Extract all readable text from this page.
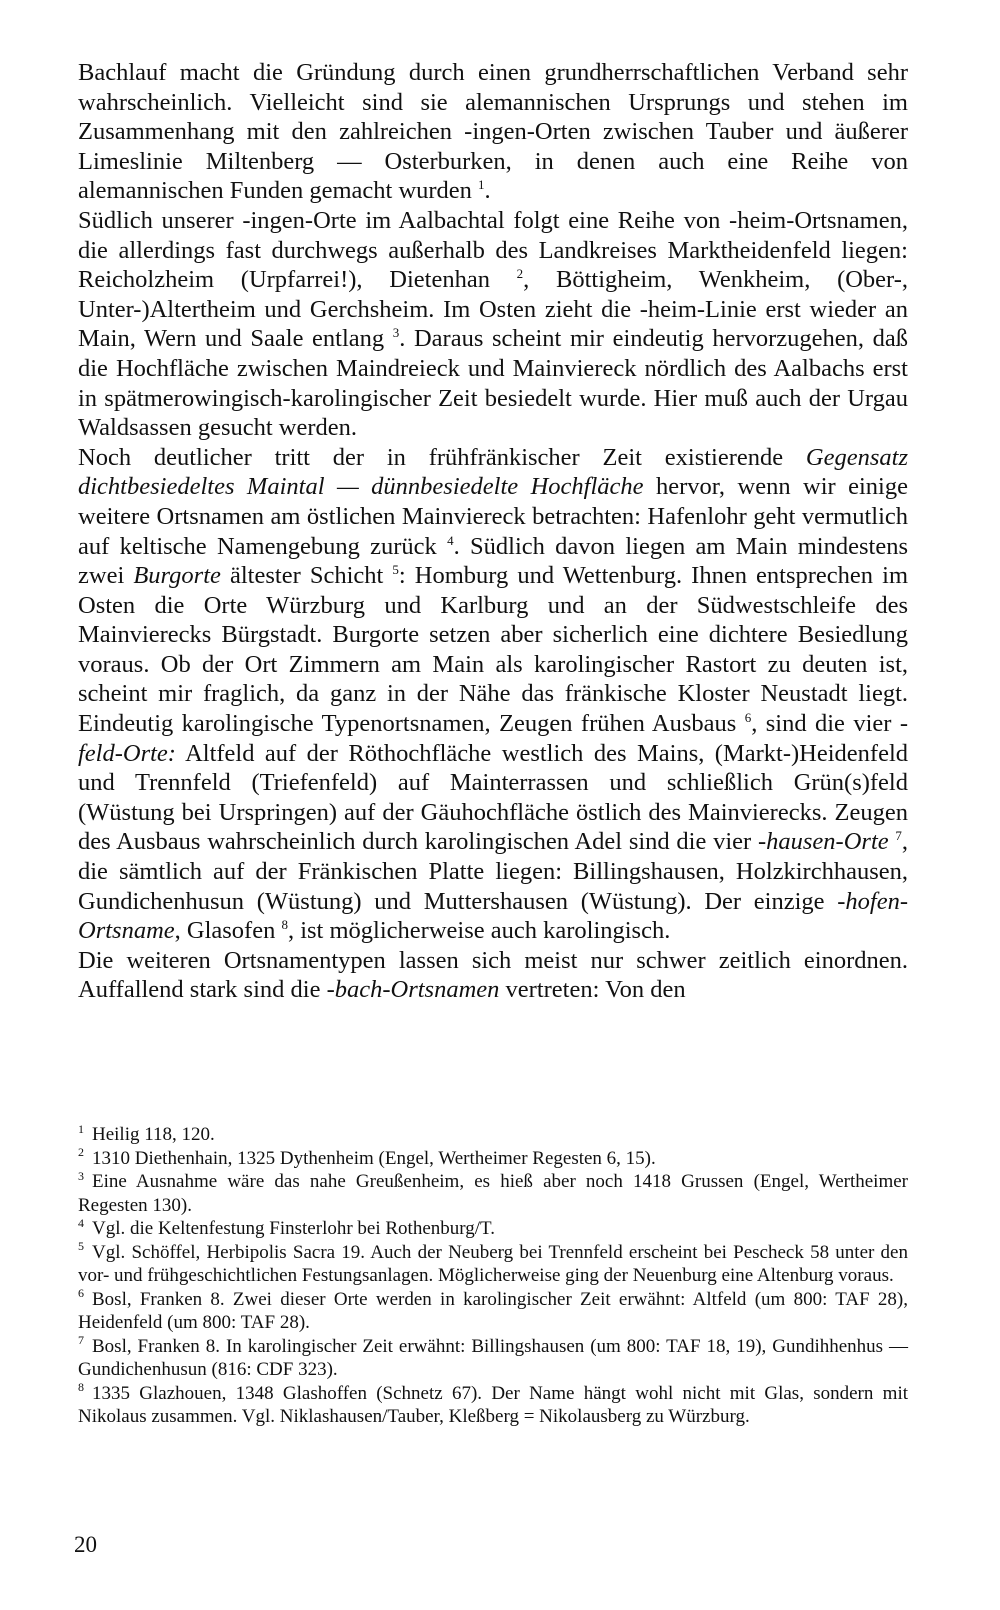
Bachlauf macht die Gründung durch einen grundherrschaftlichen Verband sehr wahrscheinlich. Vielleicht sind sie alemannischen Ursprungs und stehen im Zusammenhang mit den zahlreichen -ingen-Orten zwischen Tauber und äußerer Limeslinie Miltenberg — Osterburken, in denen auch eine Reihe von alemannischen Funden gemacht wurden $^1$.

Südlich unserer -ingen-Orte im Aalbachtal folgt eine Reihe von -heim-Ortsnamen, die allerdings fast durchwegs außerhalb des Landkreises Marktheidenfeld liegen: Reicholzheim (Urpfarrei!), Dietenhan $^2$, Böttigheim, Wenkheim, (Ober-, Unter-)Altertheim und Gerchsheim. Im Osten zieht die -heim-Linie erst wieder an Main, Wern und Saale entlang $^3$. Daraus scheint mir eindeutig hervorzugehen, daß die Hochfläche zwischen Maindreieck und Mainviereck nördlich des Aalbachs erst in spätmerowingisch-karolingischer Zeit besiedelt wurde. Hier muß auch der Urgau Waldsassen gesucht werden.

Noch deutlicher tritt der in frühfränkischer Zeit existierende Gegensatz dichtbesiedeltes Maintal — dünnbesiedelte Hochfläche hervor, wenn wir einige weitere Ortsnamen am östlichen Mainviereck betrachten: Hafenlohr geht vermutlich auf keltische Namengebung zurück $^4$. Südlich davon liegen am Main mindestens zwei Burgorte ältester Schicht $^5$: Homburg und Wettenburg. Ihnen entsprechen im Osten die Orte Würzburg und Karlburg und an der Südwestschleife des Mainvierecks Bürgstadt. Burgorte setzen aber sicherlich eine dichtere Besiedlung voraus. Ob der Ort Zimmern am Main als karolingischer Rastort zu deuten ist, scheint mir fraglich, da ganz in der Nähe das fränkische Kloster Neustadt liegt. Eindeutig karolingische Typenortsnamen, Zeugen frühen Ausbaus $^6$, sind die vier -feld-Orte: Altfeld auf der Röthochfläche westlich des Mains, (Markt-)Heidenfeld und Trennfeld (Triefenfeld) auf Mainterrassen und schließlich Grün(s)feld (Wüstung bei Urspringen) auf der Gäuhochfläche östlich des Mainvierecks. Zeugen des Ausbaus wahrscheinlich durch karolingischen Adel sind die vier -hausen-Orte $^7$, die sämtlich auf der Fränkischen Platte liegen: Billingshausen, Holzkirchhausen, Gundichenhusun (Wüstung) und Muttershausen (Wüstung). Der einzige -hofen-Ortsname, Glasofen $^8$, ist möglicherweise auch karolingisch.

Die weiteren Ortsnamentypen lassen sich meist nur schwer zeitlich einordnen. Auffallend stark sind die -bach-Ortsnamen vertreten: Von den

$^1$ Heilig 118, 120.

$^2$ 1310 Diethenhain, 1325 Dythenheim (Engel, Wertheimer Regesten 6, 15).

$^3$ Eine Ausnahme wäre das nahe Greußenheim, es hieß aber noch 1418 Grussen (Engel, Wertheimer Regesten 130).

$^4$ Vgl. die Keltenfestung Finsterlohr bei Rothenburg/T.

$^5$ Vgl. Schöffel, Herbipolis Sacra 19. Auch der Neuberg bei Trennfeld erscheint bei Pescheck 58 unter den vor- und frühgeschichtlichen Festungsanlagen. Möglicherweise ging der Neuenburg eine Altenburg voraus.

$^6$ Bosl, Franken 8. Zwei dieser Orte werden in karolingischer Zeit erwähnt: Altfeld (um 800: TAF 28), Heidenfeld (um 800: TAF 28).

$^7$ Bosl, Franken 8. In karolingischer Zeit erwähnt: Billingshausen (um 800: TAF 18, 19), Gundihhenhus — Gundichenhusun (816: CDF 323).

$^8$ 1335 Glazhouen, 1348 Glashoffen (Schnetz 67). Der Name hängt wohl nicht mit Glas, sondern mit Nikolaus zusammen. Vgl. Niklashausen/Tauber, Kleßberg = Nikolausberg zu Würzburg.

20
